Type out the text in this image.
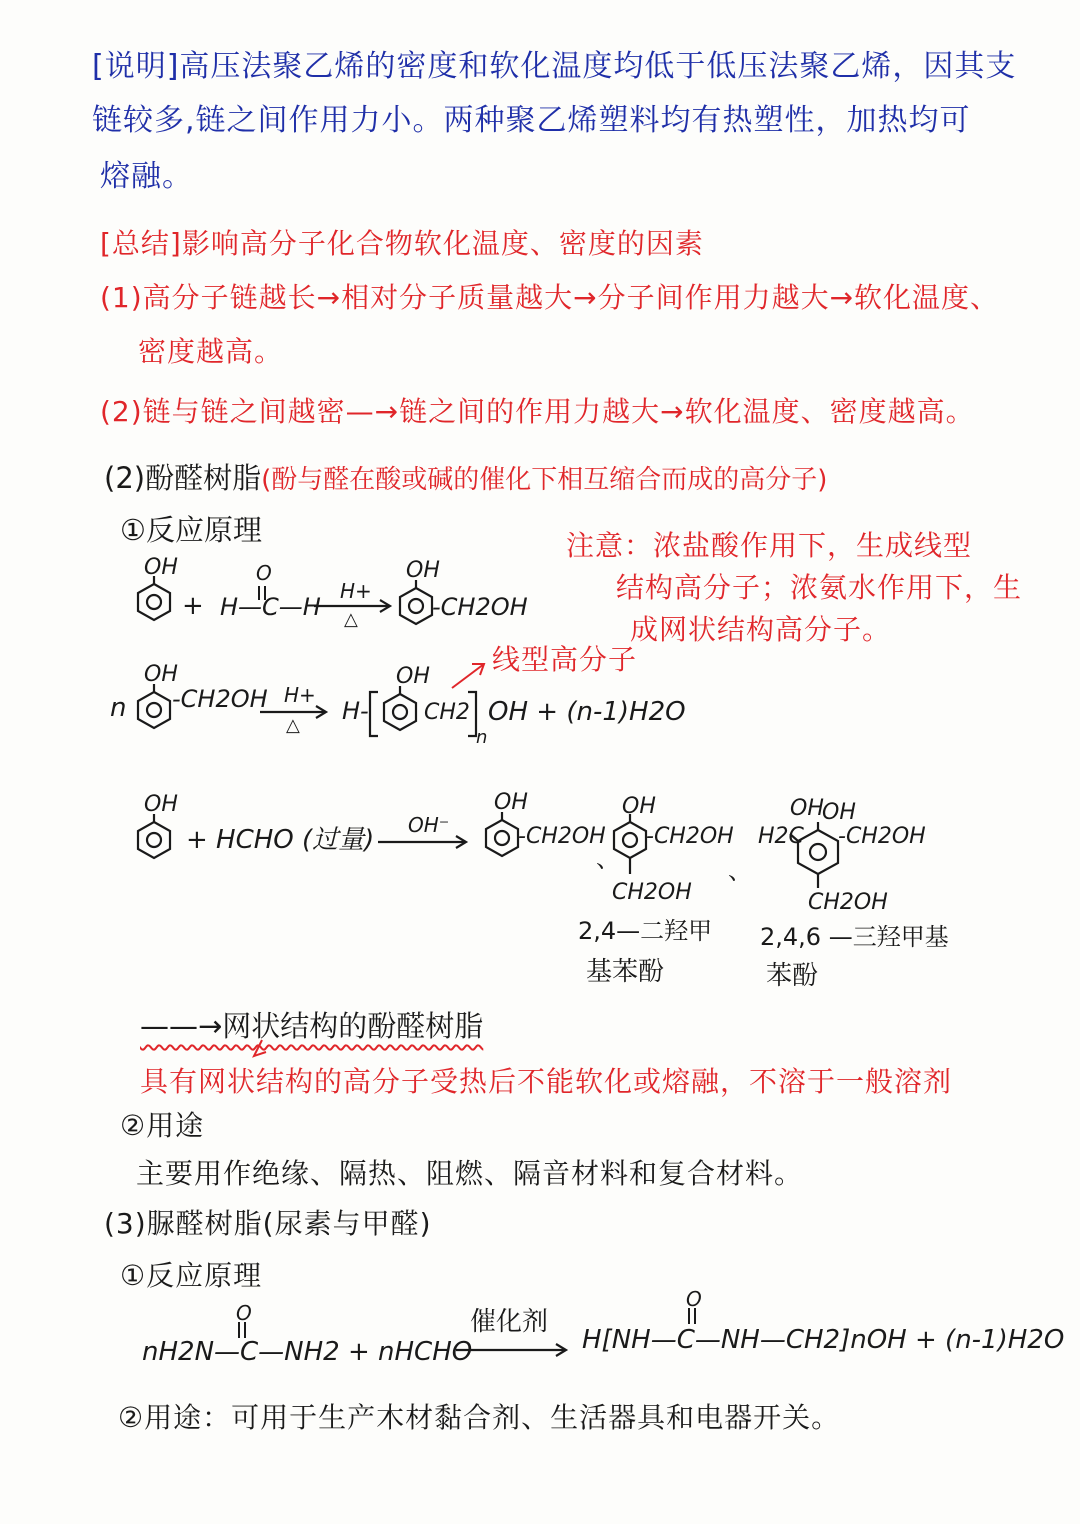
[说明]高压法聚乙烯的密度和软化温度均低于低压法聚乙烯，因其支
链较多,链之间作用力小。两种聚乙烯塑料均有热塑性，加热均可
熔融。
[总结]影响高分子化合物软化温度、密度的因素
(1)高分子链越长→相对分子质量越大→分子间作用力越大→软化温度、
密度越高。
(2)链与链之间越密—→链之间的作用力越大→软化温度、密度越高。
(2)酚醛树脂(酚与醛在酸或碱的催化下相互缩合而成的高分子)
①反应原理	注意：浓盐酸作用下，生成线型
结构高分子；浓氨水作用下，生
成网状结构高分子。
OH
+
O
H—C—H
H+
△
OH
-CH2OH
n
OH
-CH2OH H+
△
H-
OH
CH2
n
OH + (n-1)H2O
线型高分子
OH
+ HCHO (过量) OH⁻
OH
-CH2OH
、
OH
-CH2OH
CH2OH
、
OH
OH
H2C -CH2OH
CH2OH
2,4—二羟甲
基苯酚
2,4,6 —三羟甲基
苯酚
——→网状结构的酚醛树脂
具有网状结构的高分子受热后不能软化或熔融，不溶于一般溶剂
②用途
主要用作绝缘、隔热、阻燃、隔音材料和复合材料。
(3)脲醛树脂(尿素与甲醛)
①反应原理
O
nH2N—C—NH2 + nHCHO
催化剂
O
H[NH—C—NH—CH2]nOH + (n-1)H2O
②用途：可用于生产木材黏合剂、生活器具和电器开关。
